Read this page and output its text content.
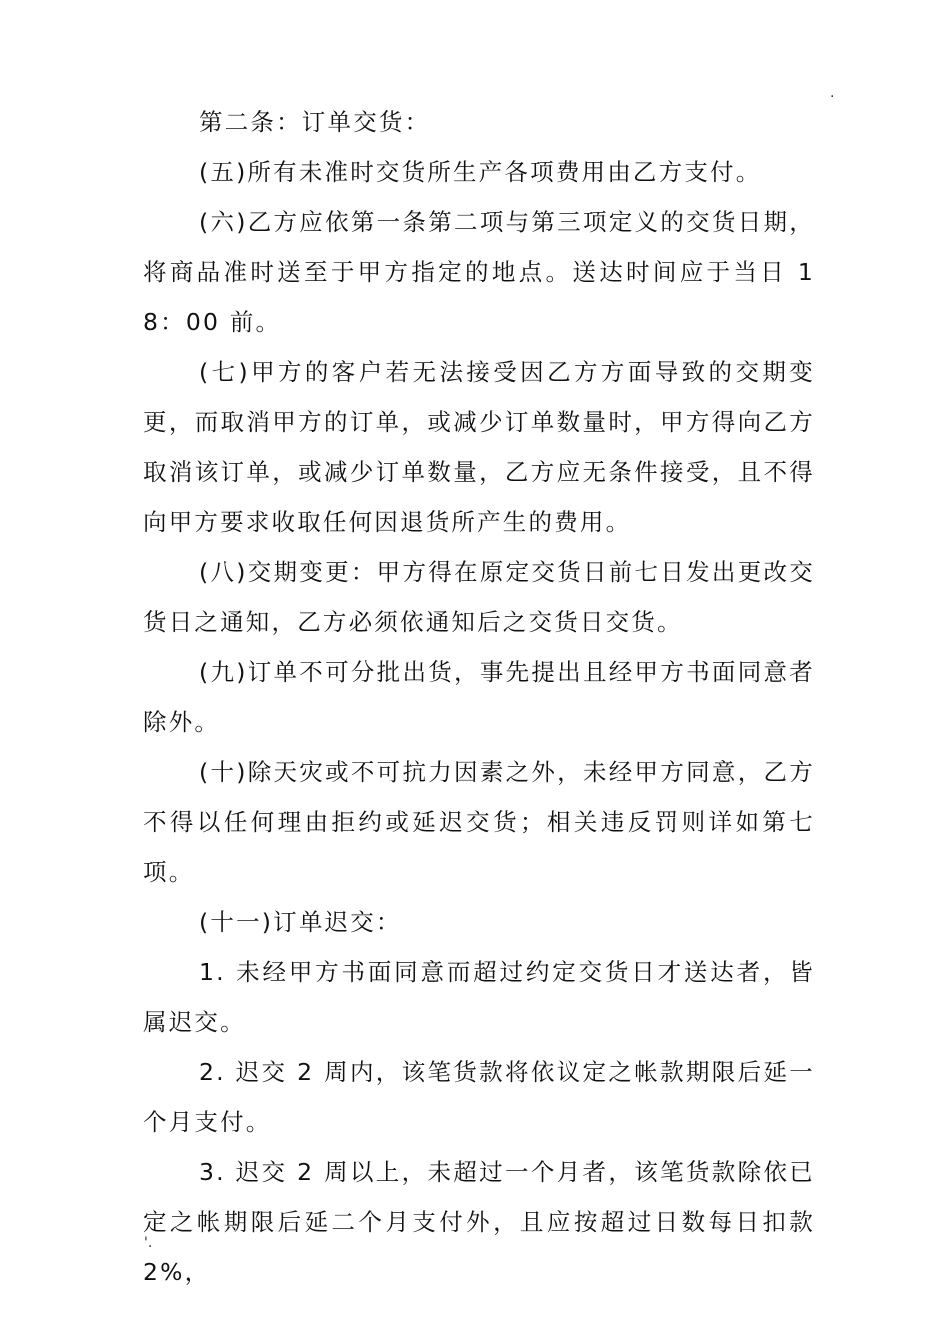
.

第二条：订单交货：

(五)所有未准时交货所生产各项费用由乙方支付。

(六)乙方应依第一条第二项与第三项定义的交货日期，将商品准时送至于甲方指定的地点。送达时间应于当日 18：00 前。

(七)甲方的客户若无法接受因乙方方面导致的交期变更，而取消甲方的订单，或减少订单数量时，甲方得向乙方取消该订单，或减少订单数量，乙方应无条件接受，且不得向甲方要求收取任何因退货所产生的费用。

(八)交期变更：甲方得在原定交货日前七日发出更改交货日之通知，乙方必须依通知后之交货日交货。

(九)订单不可分批出货，事先提出且经甲方书面同意者除外。

(十)除天灾或不可抗力因素之外，未经甲方同意，乙方不得以任何理由拒约或延迟交货；相关违反罚则详如第七项。

(十一)订单迟交：

1. 未经甲方书面同意而超过约定交货日才送达者，皆属迟交。

2. 迟交 2 周内，该笔货款将依议定之帐款期限后延一个月支付。

3. 迟交 2 周以上，未超过一个月者，该笔货款除依已定之帐期限后延二个月支付外，且应按超过日数每日扣款 2%，

'.
